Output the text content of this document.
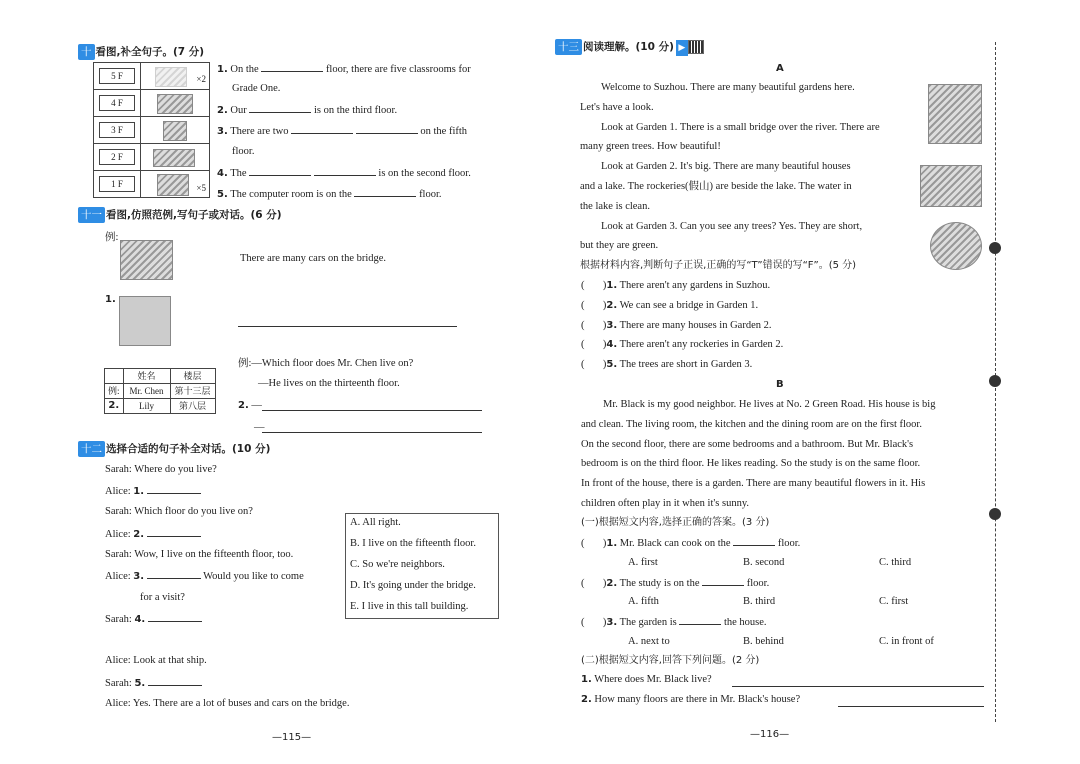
十 看图,补全句子。(7 分)
5 F	×2

4 F	

3 F	

2 F	

1 F	×5
1. On the	floor, there are five classrooms for
Grade One.
2. Our	is on the third floor.
3. There are two	on the fifth
floor.
4. The	is on the second floor.
5. The computer room is on the	floor.
十一 看图,仿照范例,写句子或对话。(6 分)
例:
There are many cars on the bridge.
1.
	姓名	楼层
例:	Mr. Chen	第十三层
2.	Lily	第八层
例:—Which floor does Mr. Chen live on?
—He lives on the thirteenth floor.
2. —
—
十二 选择合适的句子补全对话。(10 分)
Sarah: Where do you live?
Alice: 1.
Sarah: Which floor do you live on?
Alice: 2.
Sarah: Wow, I live on the fifteenth floor, too.
Alice: 3.	Would you like to come
for a visit?
Sarah: 4.
Alice: Look at that ship.
Sarah: 5.
Alice: Yes. There are a lot of buses and cars on the bridge.
A. All right.
B. I live on the fifteenth floor.
C. So we're neighbors.
D. It's going under the bridge.
E. I live in this tall building.
—115—
十三 阅读理解。(10 分) ▶
A
Welcome to Suzhou. There are many beautiful gardens here.
Let's have a look.
Look at Garden 1. There is a small bridge over the river. There are
many green trees. How beautiful!
Look at Garden 2. It's big. There are many beautiful houses
and a lake. The rockeries(假山) are beside the lake. The water in
the lake is clean.
Look at Garden 3. Can you see any trees? Yes. They are short,
but they are green.
根据材料内容,判断句子正误,正确的写“T”错误的写“F”。(5 分)
( )1. There aren't any gardens in Suzhou.
( )2. We can see a bridge in Garden 1.
( )3. There are many houses in Garden 2.
( )4. There aren't any rockeries in Garden 2.
( )5. The trees are short in Garden 3.
B
Mr. Black is my good neighbor. He lives at No. 2 Green Road. His house is big
and clean. The living room, the kitchen and the dining room are on the first floor.
On the second floor, there are some bedrooms and a bathroom. But Mr. Black's
bedroom is on the third floor. He likes reading. So the study is on the same floor.
In front of the house, there is a garden. There are many beautiful flowers in it. His
children often play in it when it's sunny.
(一)根据短文内容,选择正确的答案。(3 分)
( )1. Mr. Black can cook on the	floor.
A. first	B. second	C. third
( )2. The study is on the	floor.
A. fifth	B. third	C. first
( )3. The garden is	the house.
A. next to	B. behind	C. in front of
(二)根据短文内容,回答下列问题。(2 分)
1. Where does Mr. Black live?
2. How many floors are there in Mr. Black's house?
—116—
